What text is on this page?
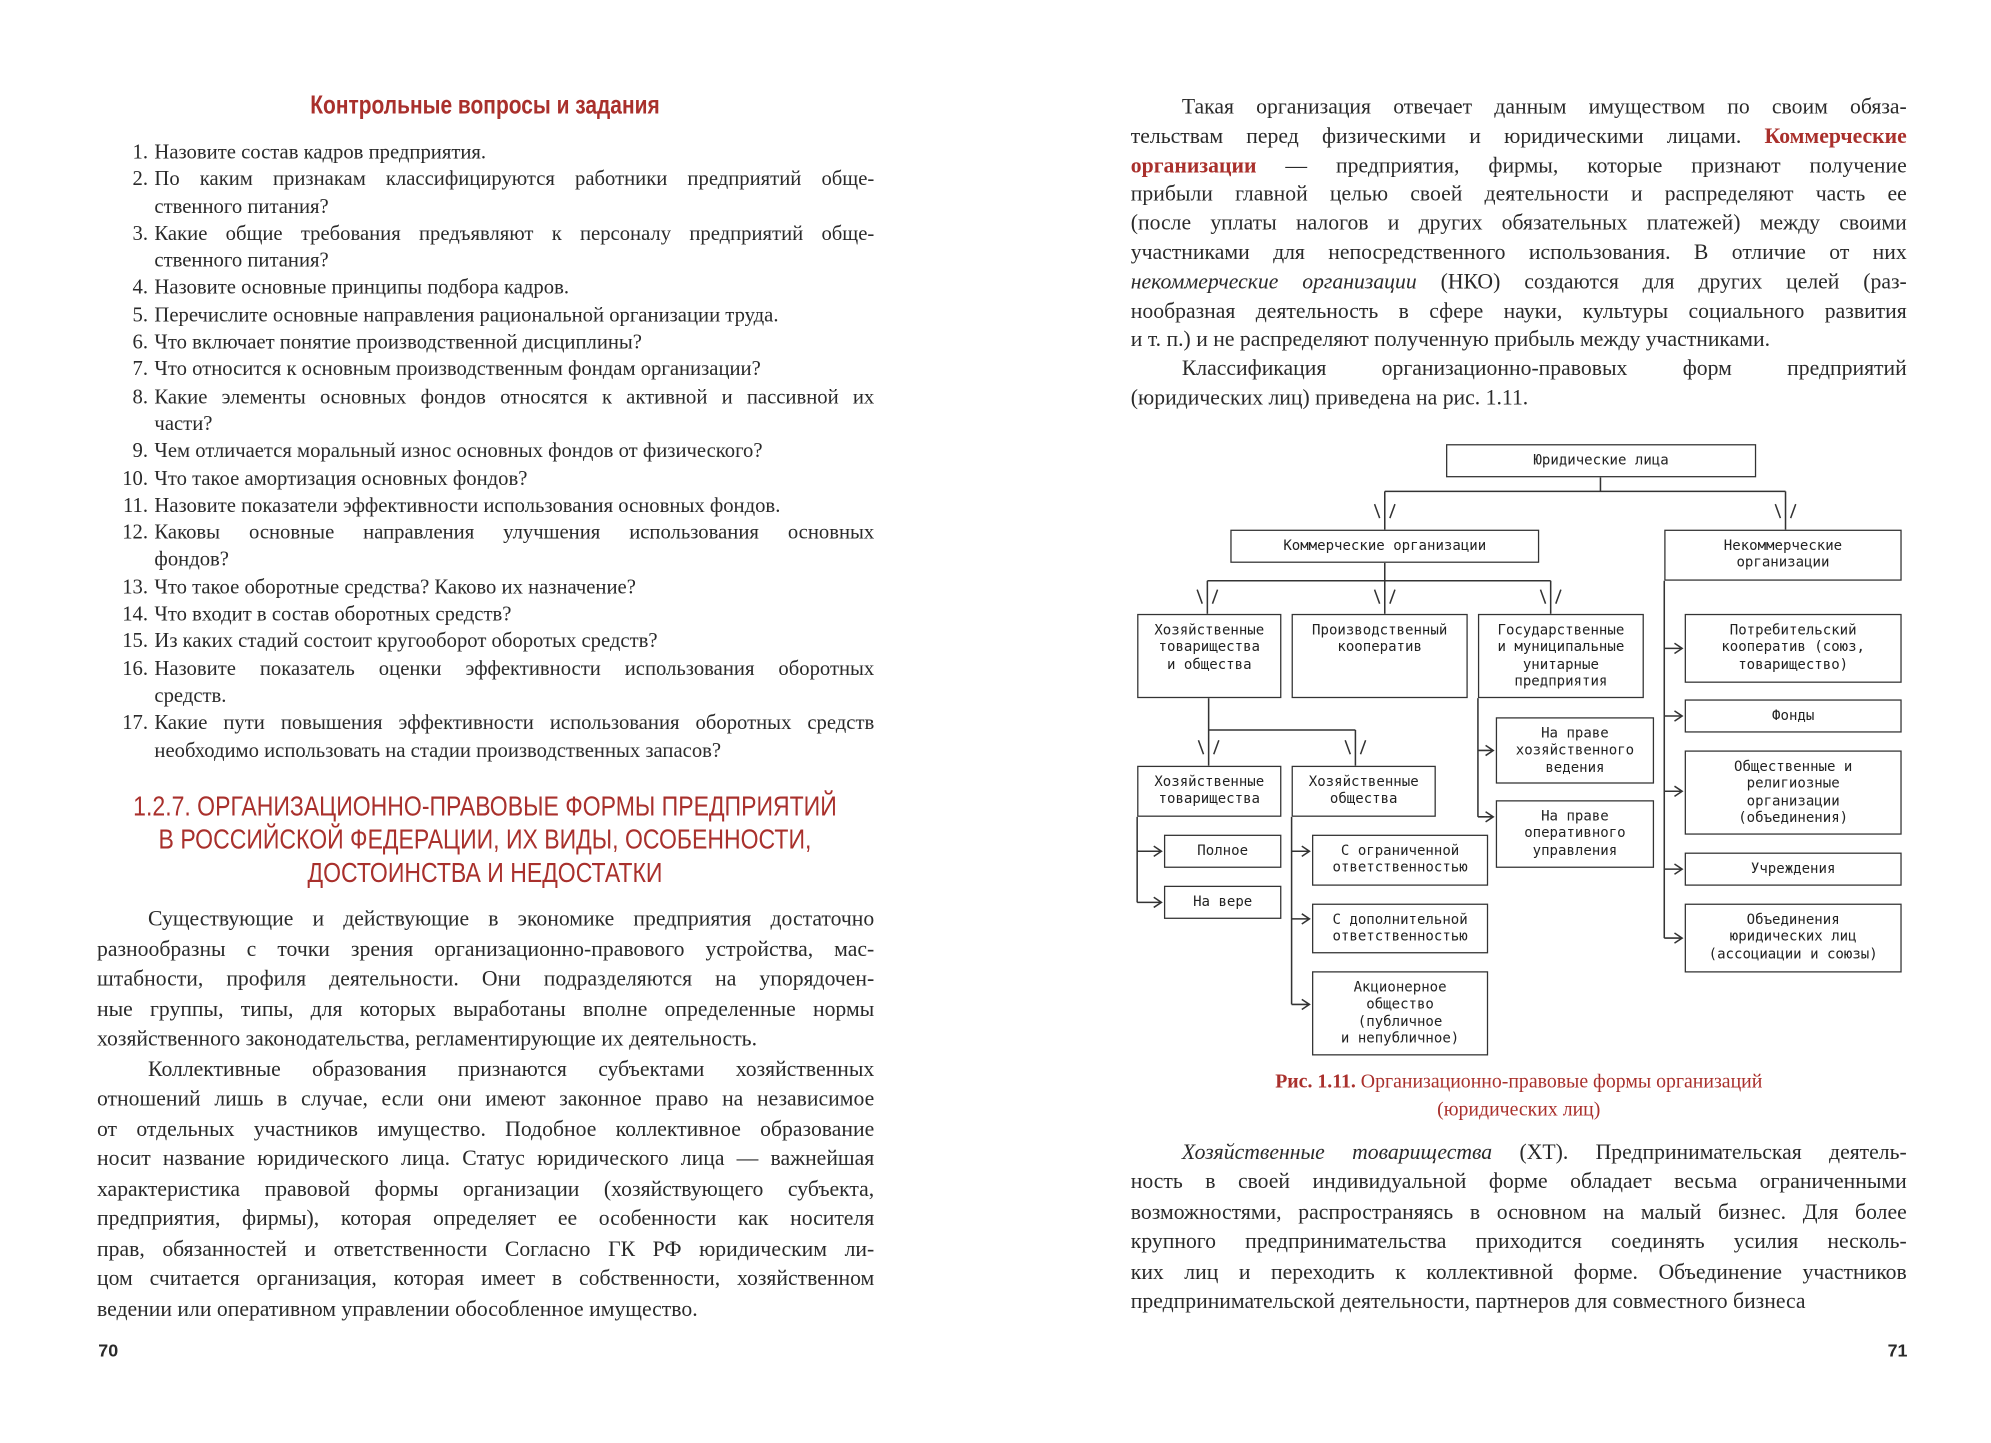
Контрольные вопросы и задания
1. Назовите состав кадров предприятия.
2. По каким признакам классифицируются работники предприятий обще-
ственного питания?
3. Какие общие требования предъявляют к персоналу предприятий обще-
ственного питания?
4. Назовите основные принципы подбора кадров.
5. Перечислите основные направления рациональной организации труда.
6. Что включает понятие производственной дисциплины?
7. Что относится к основным производственным фондам организации?
8. Какие элементы основных фондов относятся к активной и пассивной их
части?
9. Чем отличается моральный износ основных фондов от физического?
10. Что такое амортизация основных фондов?
11. Назовите показатели эффективности использования основных фондов.
12. Каковы основные направления улучшения использования основных
фондов?
13. Что такое оборотные средства? Каково их назначение?
14. Что входит в состав оборотных средств?
15. Из каких стадий состоит кругооборот оборотых средств?
16. Назовите показатель оценки эффективности использования оборотных
средств.
17. Какие пути повышения эффективности использования оборотных средств
необходимо использовать на стадии производственных запасов?
1.2.7. ОРГАНИЗАЦИОННО-ПРАВОВЫЕ ФОРМЫ ПРЕДПРИЯТИЙ
В РОССИЙСКОЙ ФЕДЕРАЦИИ, ИХ ВИДЫ, ОСОБЕННОСТИ,
ДОСТОИНСТВА И НЕДОСТАТКИ
Существующие и действующие в экономике предприятия достаточно
разнообразны с точки зрения организационно-правового устройства, мас-
штабности, профиля деятельности. Они подразделяются на упорядочен-
ные группы, типы, для которых выработаны вполне определенные нормы
хозяйственного законодательства, регламентирующие их деятельность.
Коллективные образования признаются субъектами хозяйственных
отношений лишь в случае, если они имеют законное право на независимое
от отдельных участников имущество. Подобное коллективное образование
носит название юридического лица. Статус юридического лица — важнейшая
характеристика правовой формы организации (хозяйствующего субъекта,
предприятия, фирмы), которая определяет ее особенности как носителя
прав, обязанностей и ответственности Согласно ГК РФ юридическим ли-
цом считается организация, которая имеет в собственности, хозяйственном
ведении или оперативном управлении обособленное имущество.
70
Такая организация отвечает данным имуществом по своим обяза-
тельствам перед физическими и юридическими лицами. Коммерческие
организации — предприятия, фирмы, которые признают получение
прибыли главной целью своей деятельности и распределяют часть ее
(после уплаты налогов и других обязательных платежей) между своими
участниками для непосредственного использования. В отличие от них
некоммерческие организации (НКО) создаются для других целей (раз-
нообразная деятельность в сфере науки, культуры социального развития
и т. п.) и не распределяют полученную прибыль между участниками.
Классификация организационно-правовых форм предприятий
(юридических лиц) приведена на рис. 1.11.
Юридические лица
Коммерческие организации	Некоммерческие
организации
Хозяйственные
товарищества
и общества
Производственный
кооператив
Государственные
и муниципальные
унитарные
предприятия
На праве
хозяйственного
ведения
На праве
оперативного
управления
Хозяйственные
товарищества
Хозяйственные
общества
Полное
На вере
С ограниченной
ответственностью
С дополнительной
ответственностью
Акционерное
общество
(публичное
и непубличное)
Потребительский
кооператив (союз,
товарищество)
Фонды
Общественные и
религиозные
организации
(объединения)
Учреждения
Объединения
юридических лиц
(ассоциации и союзы)
Рис. 1.11. Организационно-правовые формы организаций
(юридических лиц)
Хозяйственные товарищества (ХТ). Предпринимательская деятель-
ность в своей индивидуальной форме обладает весьма ограниченными
возможностями, распространяясь в основном на малый бизнес. Для более
крупного предпринимательства приходится соединять усилия несколь-
ких лиц и переходить к коллективной форме. Объединение участников
предпринимательской деятельности, партнеров для совместного бизнеса
71
